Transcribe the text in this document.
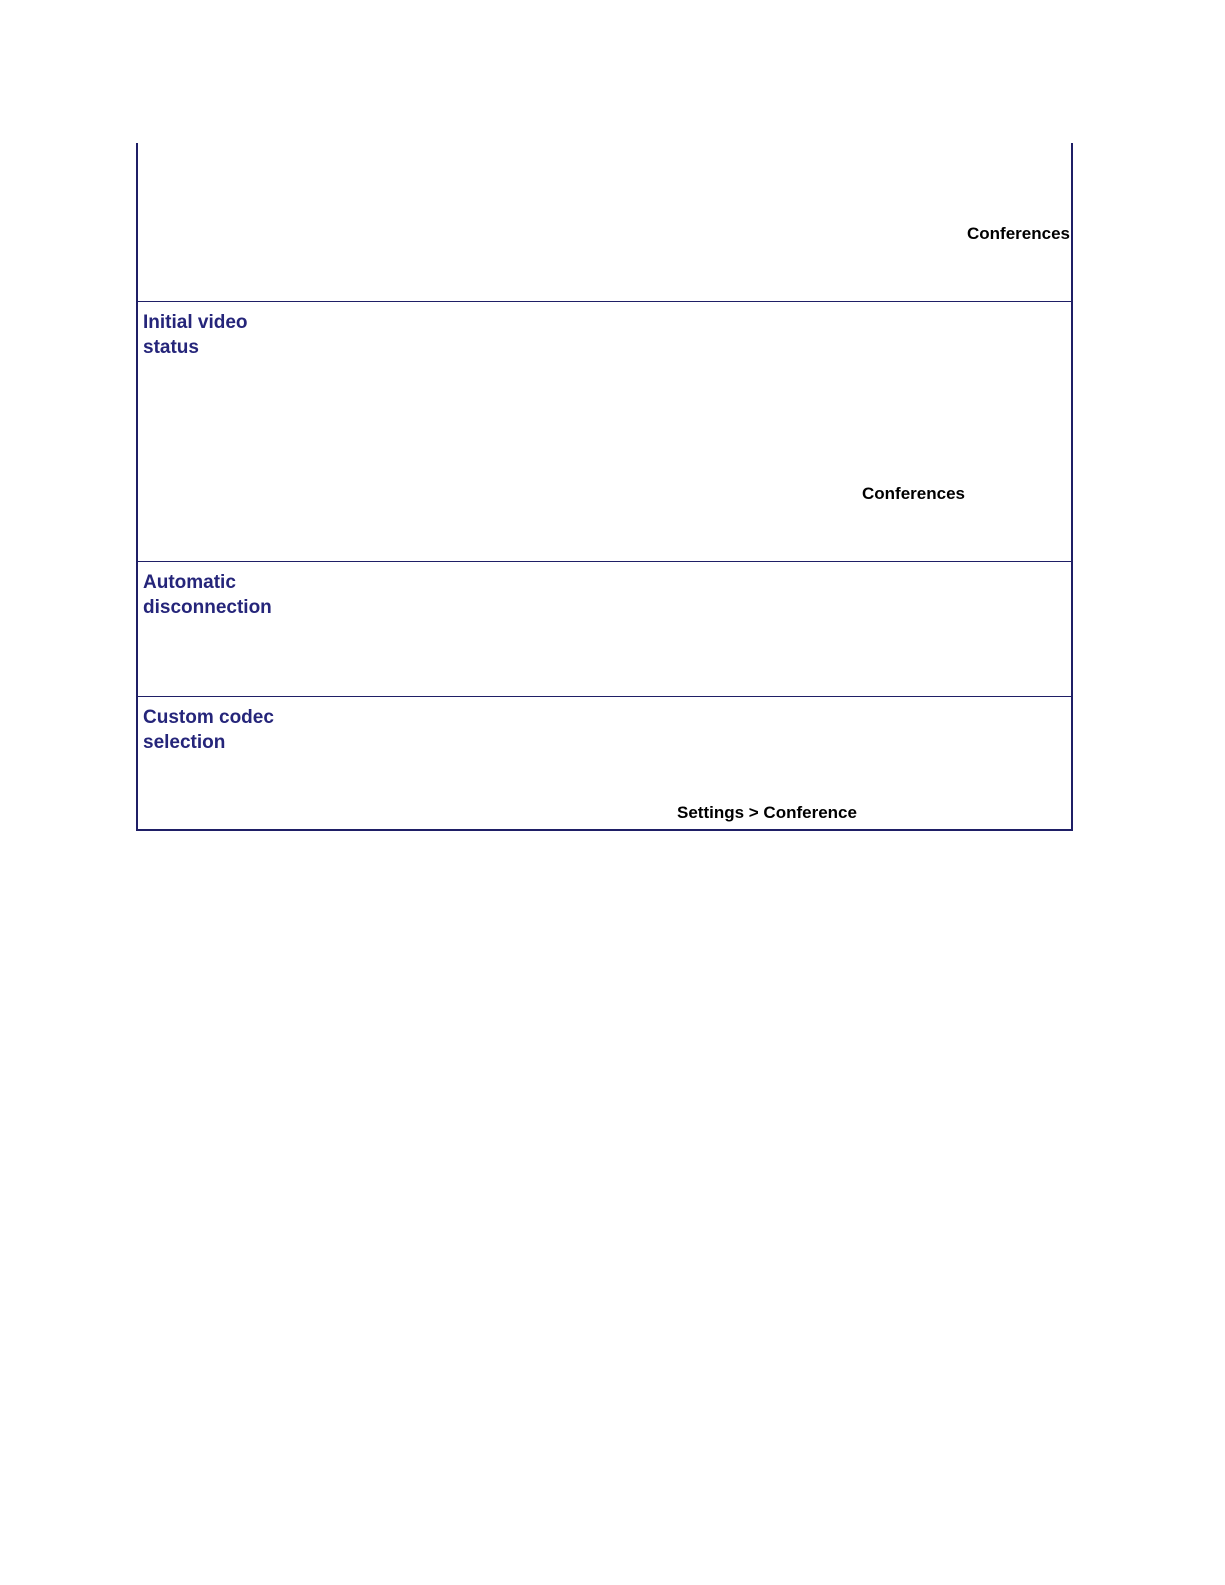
Conferences
Initial video
status
Conferences
Automatic
disconnection
Custom codec
selection
Settings > Conference
